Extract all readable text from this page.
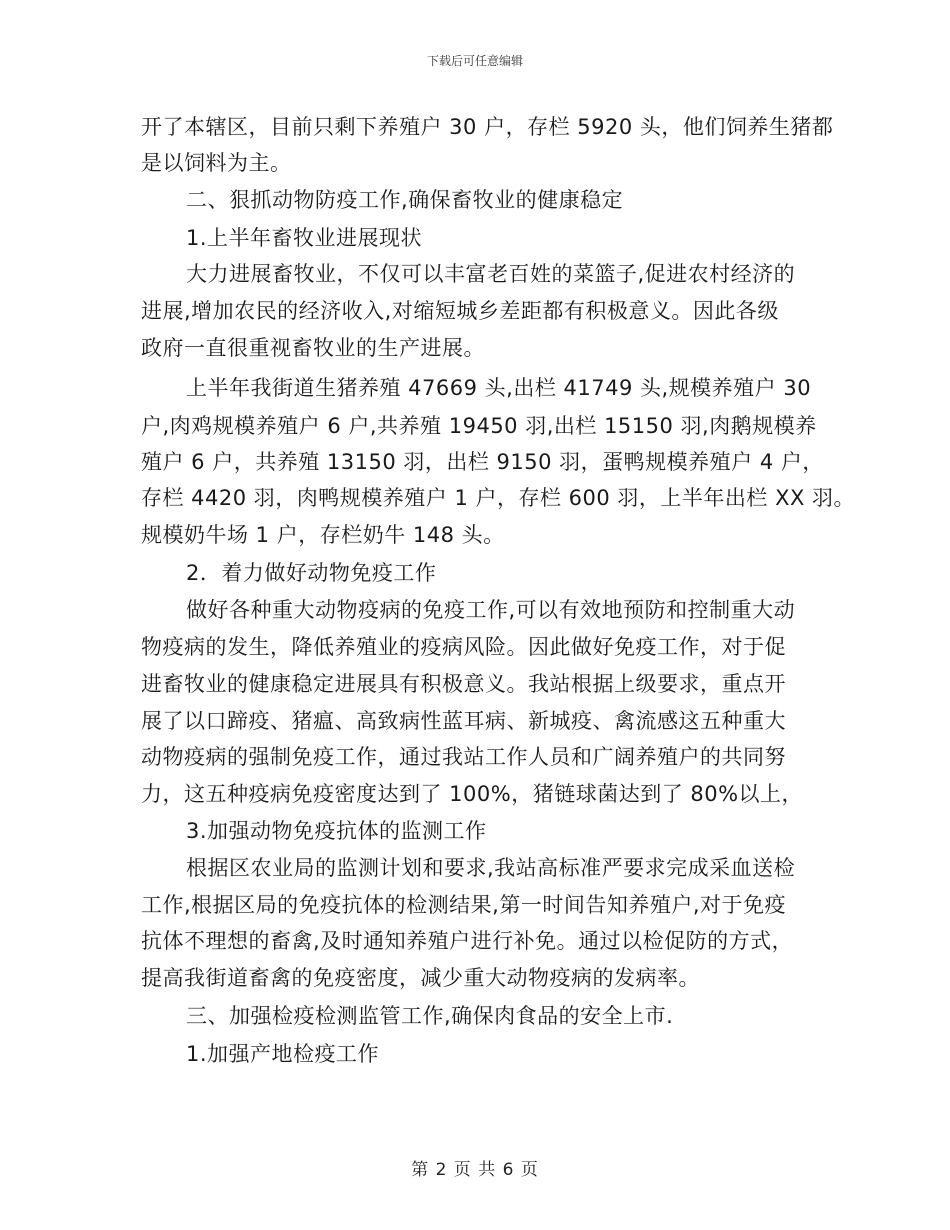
下载后可任意编辑
开了本辖区，目前只剩下养殖户 30 户，存栏 5920 头，他们饲养生猪都
是以饲料为主。
二、狠抓动物防疫工作,确保畜牧业的健康稳定
1.上半年畜牧业进展现状
大力进展畜牧业，不仅可以丰富老百姓的菜篮子,促进农村经济的
进展,增加农民的经济收入,对缩短城乡差距都有积极意义。因此各级
政府一直很重视畜牧业的生产进展。
上半年我街道生猪养殖 47669 头,出栏 41749 头,规模养殖户 30
户,肉鸡规模养殖户 6 户,共养殖 19450 羽,出栏 15150 羽,肉鹅规模养
殖户 6 户，共养殖 13150 羽，出栏 9150 羽，蛋鸭规模养殖户 4 户，
存栏 4420 羽，肉鸭规模养殖户 1 户，存栏 600 羽，上半年出栏 XX 羽。
规模奶牛场 1 户，存栏奶牛 148 头。
2．着力做好动物免疫工作
做好各种重大动物疫病的免疫工作,可以有效地预防和控制重大动
物疫病的发生，降低养殖业的疫病风险。因此做好免疫工作，对于促
进畜牧业的健康稳定进展具有积极意义。我站根据上级要求，重点开
展了以口蹄疫、猪瘟、高致病性蓝耳病、新城疫、禽流感这五种重大
动物疫病的强制免疫工作，通过我站工作人员和广阔养殖户的共同努
力，这五种疫病免疫密度达到了 100%，猪链球菌达到了 80%以上，
3.加强动物免疫抗体的监测工作
根据区农业局的监测计划和要求,我站高标准严要求完成采血送检
工作,根据区局的免疫抗体的检测结果,第一时间告知养殖户,对于免疫
抗体不理想的畜禽,及时通知养殖户进行补免。通过以检促防的方式，
提高我街道畜禽的免疫密度，减少重大动物疫病的发病率。
三、加强检疫检测监管工作,确保肉食品的安全上市.
1.加强产地检疫工作
第 2 页 共 6 页
